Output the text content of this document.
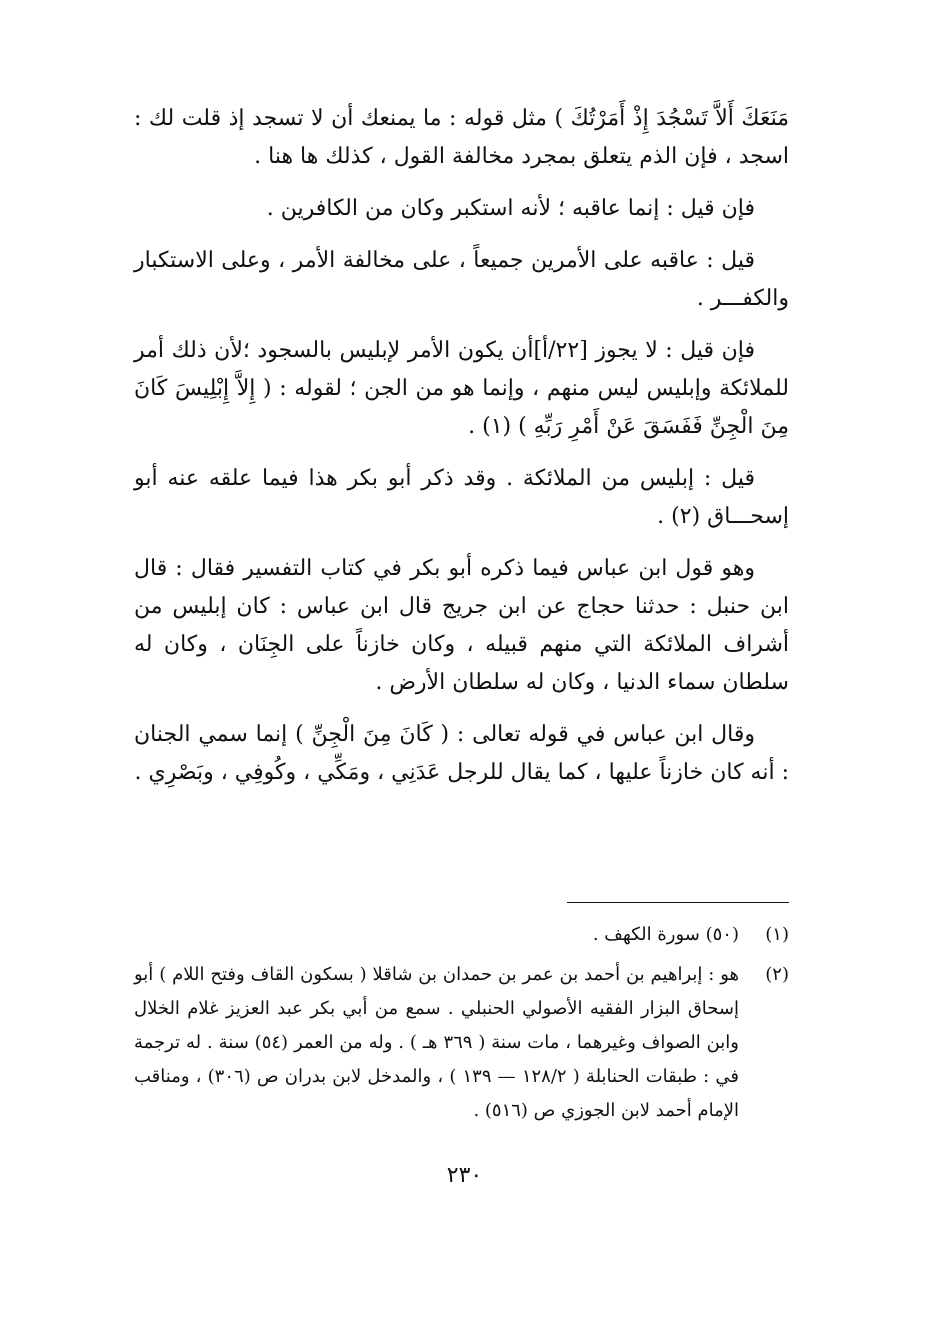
مَنَعَكَ أَلاَّ تَسْجُدَ إِذْ أَمَرْتُكَ ) مثل قوله : ما يمنعك أن لا تسجد إذ قلت لك : اسجد ، فإن الذم يتعلق بمجرد مخالفة القول ، كذلك ها هنا .

فإن قيل : إنما عاقبه ؛ لأنه استكبر وكان من الكافرين .

قيل : عاقبه على الأمرين جميعاً ، على مخالفة الأمر ، وعلى الاستكبار والكفـــر .

فإن قيل : لا يجوز [٢٢/أ]أن يكون الأمر لإبليس بالسجود ؛لأن ذلك أمر للملائكة وإبليس ليس منهم ، وإنما هو من الجن ؛ لقوله : ( إِلاَّ إِبْلِيسَ كَانَ مِنَ الْجِنِّ فَفَسَقَ عَنْ أَمْرِ رَبِّهِ ) (١) .

قيل : إبليس من الملائكة . وقد ذكر أبو بكر هذا فيما علقه عنه أبو إسحـــاق (٢) .

وهو قول ابن عباس فيما ذكره أبو بكر في كتاب التفسير فقال : قال ابن حنبل : حدثنا حجاج عن ابن جريج قال ابن عباس : كان إبليس من أشراف الملائكة التي منهم قبيله ، وكان خازناً على الجِنَان ، وكان له سلطان سماء الدنيا ، وكان له سلطان الأرض .

وقال ابن عباس في قوله تعالى : ( كَانَ مِنَ الْجِنِّ ) إنما سمي الجنان : أنه كان خازناً عليها ، كما يقال للرجل عَدَنِي ، ومَكِّي ، وكُوفِي ، وبَصْرِي .

(١)
(٥٠) سورة الكهف .
(٢)
هو : إبراهيم بن أحمد بن عمر بن حمدان بن شاقلا ( بسكون القاف وفتح اللام ) أبو إسحاق البزار الفقيه الأصولي الحنبلي . سمع من أبي بكر عبد العزيز غلام الخلال وابن الصواف وغيرهما ، مات سنة ( ٣٦٩ هـ ) . وله من العمر (٥٤) سنة . له ترجمة في : طبقات الحنابلة ( ١٢٨/٢ — ١٣٩ ) ، والمدخل لابن بدران ص (٣٠٦) ، ومناقب الإمام أحمد لابن الجوزي ص (٥١٦) .
٢٣٠
